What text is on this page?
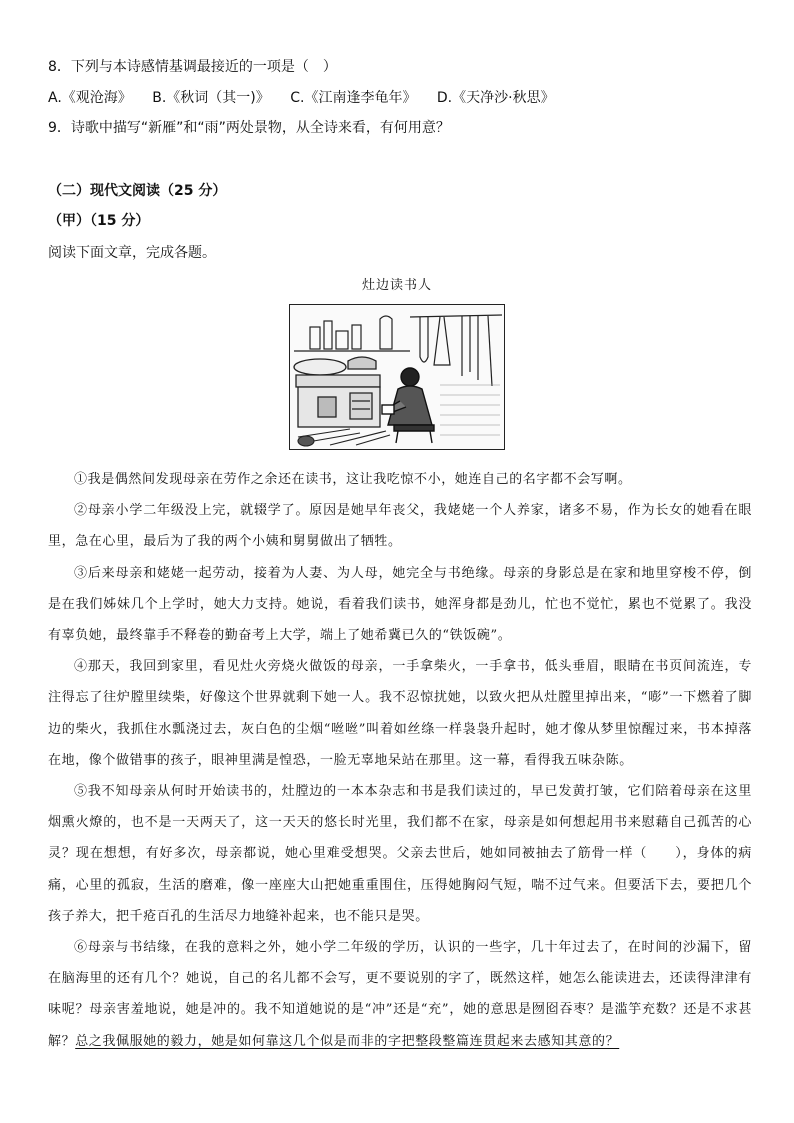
8．下列与本诗感情基调最接近的一项是（　）
A.《观沧海》 B.《秋词（其一)》 C.《江南逢李龟年》 D.《天净沙·秋思》
9．诗歌中描写“新雁”和“雨”两处景物，从全诗来看，有何用意？
（二）现代文阅读（25 分）
（甲）（15 分）
阅读下面文章，完成各题。
灶边读书人

①我是偶然间发现母亲在劳作之余还在读书，这让我吃惊不小，她连自己的名字都不会写啊。

②母亲小学二年级没上完，就辍学了。原因是她早年丧父，我姥姥一个人养家，诸多不易，作为长女的她看在眼里，急在心里，最后为了我的两个小姨和舅舅做出了牺牲。

③后来母亲和姥姥一起劳动，接着为人妻、为人母，她完全与书绝缘。母亲的身影总是在家和地里穿梭不停，倒是在我们姊妹几个上学时，她大力支持。她说，看着我们读书，她浑身都是劲儿，忙也不觉忙，累也不觉累了。我没有辜负她，最终靠手不释卷的勤奋考上大学，端上了她希冀已久的“铁饭碗”。

④那天，我回到家里，看见灶火旁烧火做饭的母亲，一手拿柴火，一手拿书，低头垂眉，眼睛在书页间流连，专注得忘了往炉膛里续柴，好像这个世界就剩下她一人。我不忍惊扰她，以致火把从灶膛里掉出来，“嘭”一下燃着了脚边的柴火，我抓住水瓢浇过去，灰白色的尘烟“咝咝”叫着如丝绦一样袅袅升起时，她才像从梦里惊醒过来，书本掉落在地，像个做错事的孩子，眼神里满是惶恐，一脸无辜地呆站在那里。这一幕，看得我五味杂陈。

⑤我不知母亲从何时开始读书的，灶膛边的一本本杂志和书是我们读过的，早已发黄打皱，它们陪着母亲在这里烟熏火燎的，也不是一天两天了，这一天天的悠长时光里，我们都不在家，母亲是如何想起用书来慰藉自己孤苦的心灵？现在想想，有好多次，母亲都说，她心里难受想哭。父亲去世后，她如同被抽去了筋骨一样（　　），身体的病痛，心里的孤寂，生活的磨难，像一座座大山把她重重围住，压得她胸闷气短，喘不过气来。但要活下去，要把几个孩子养大，把千疮百孔的生活尽力地缝补起来，也不能只是哭。

⑥母亲与书结缘，在我的意料之外，她小学二年级的学历，认识的一些字，几十年过去了，在时间的沙漏下，留在脑海里的还有几个？她说，自己的名儿都不会写，更不要说别的字了，既然这样，她怎么能读进去，还读得津津有味呢？母亲害羞地说，她是冲的。我不知道她说的是“冲”还是“充”，她的意思是囫囵吞枣？是滥竽充数？还是不求甚解？总之我佩服她的毅力，她是如何靠这几个似是而非的字把整段整篇连贯起来去感知其意的？
